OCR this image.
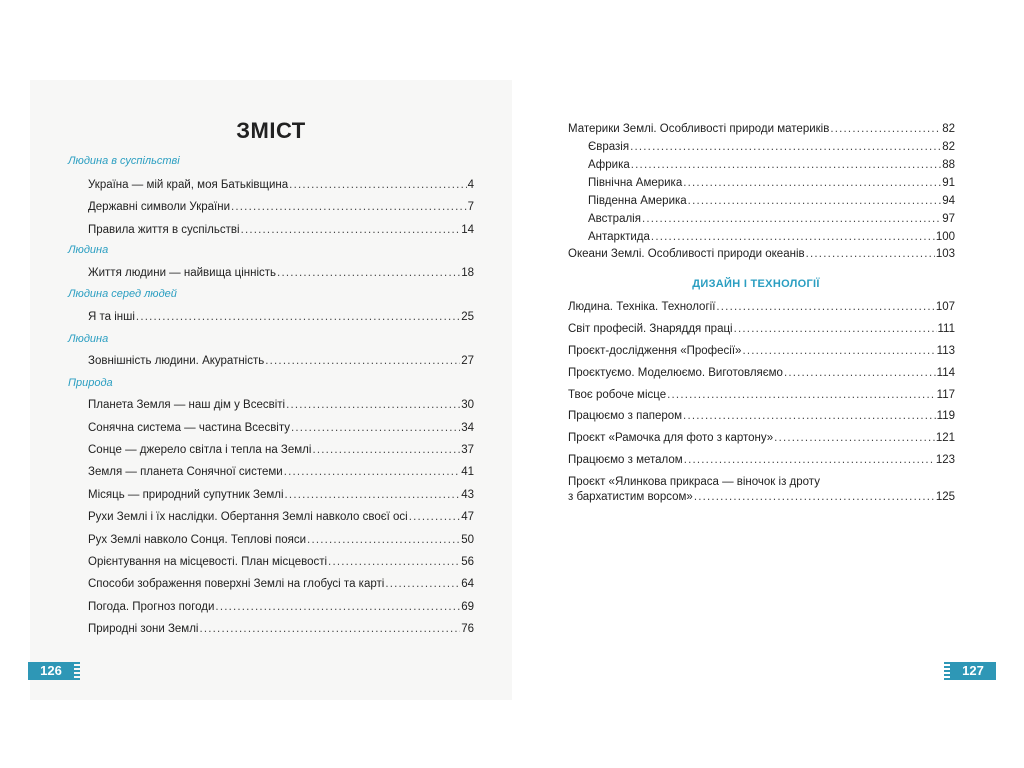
ЗМІСТ
Людина в суспільстві
Україна — мій край, моя Батьківщина .....	4
Державні символи України .....	7
Правила життя в суспільстві .....	14
Людина
Життя людини — найвища цінність .....	18
Людина серед людей
Я та інші .....	25
Людина
Зовнішність людини. Акуратність .....	27
Природа
Планета Земля — наш дім у Всесвіті .....	30
Сонячна система — частина Всесвіту .....	34
Сонце — джерело світла і тепла на Землі .....	37
Земля — планета Сонячної системи .....	41
Місяць — природний супутник Землі .....	43
Рухи Землі і їх наслідки. Обертання Землі навколо своєї осі .....	47
Рух Землі навколо Сонця. Теплові пояси .....	50
Орієнтування на місцевості. План місцевості .....	56
Способи зображення поверхні Землі на глобусі та карті .....	64
Погода. Прогноз погоди .....	69
Природні зони Землі .....	76
Материки Землі. Особливості природи материків .....	82
Євразія .....	82
Африка .....	88
Північна Америка .....	91
Південна Америка .....	94
Австралія .....	97
Антарктида .....	100
Океани Землі. Особливості природи океанів .....	103
ДИЗАЙН І ТЕХНОЛОГІЇ
Людина. Техніка. Технології .....	107
Світ професій. Знаряддя праці .....	111
Проєкт-дослідження «Професії» .....	113
Проєктуємо. Моделюємо. Виготовляємо .....	114
Твоє робоче місце .....	117
Працюємо з папером .....	119
Проєкт «Рамочка для фото з картону» .....	121
Працюємо з металом .....	123
Проєкт «Ялинкова прикраса — віночок із дроту
з бархатистим ворсом» .....	125
126	127
